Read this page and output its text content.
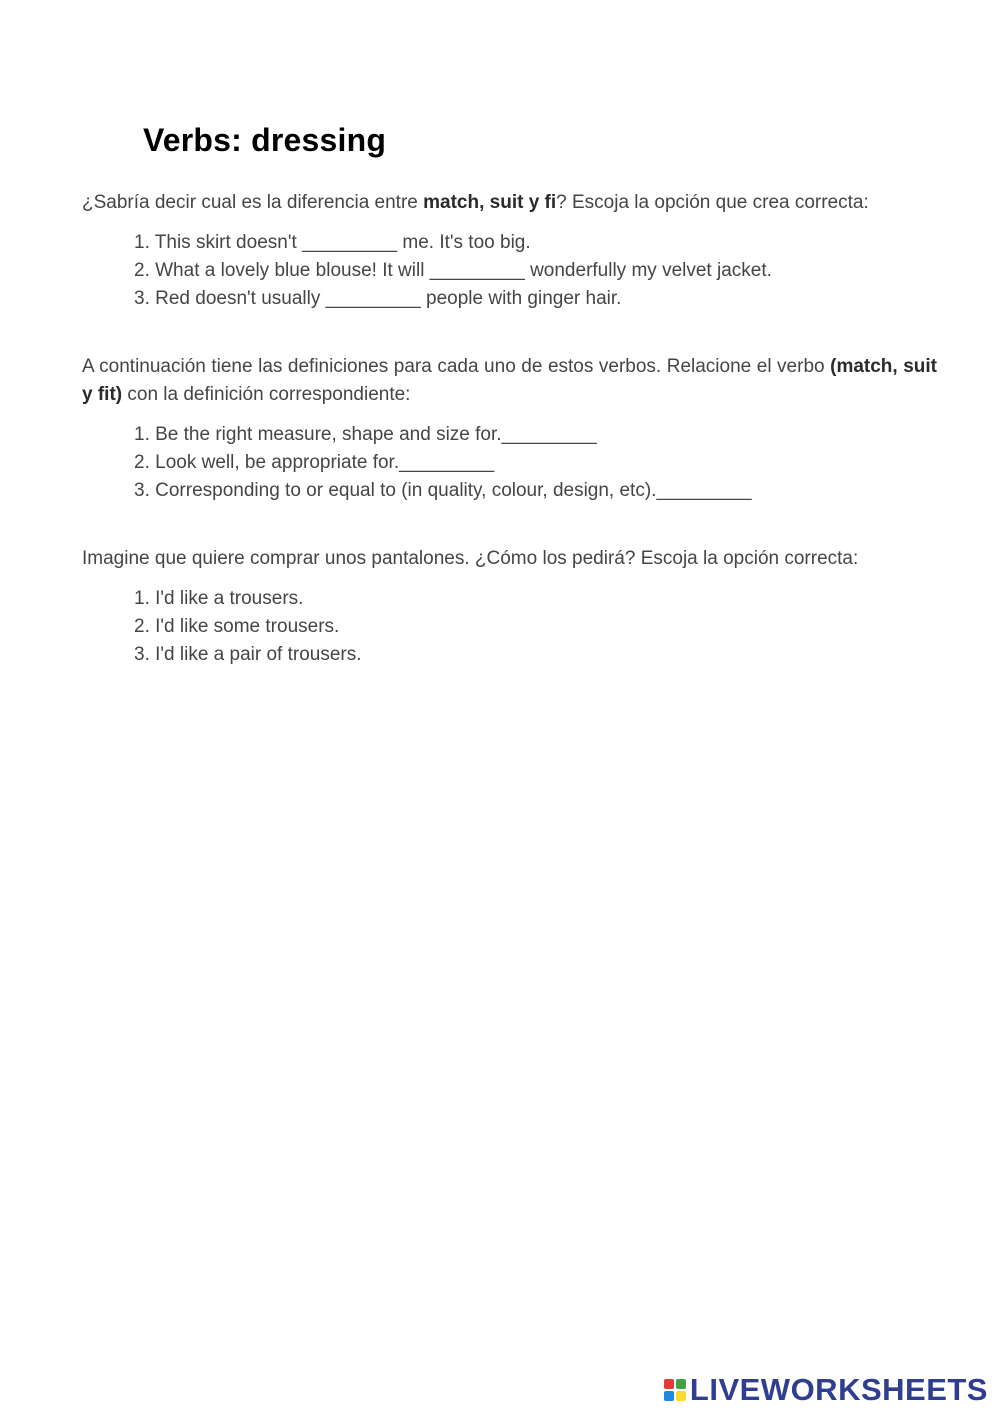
Verbs: dressing
¿Sabría decir cual es la diferencia entre match, suit y fi? Escoja la opción que crea correcta:
1. This skirt doesn't _________ me. It's too big.
2. What a lovely blue blouse! It will _________ wonderfully my velvet jacket.
3. Red doesn't usually _________ people with ginger hair.
A continuación tiene las definiciones para cada uno de estos verbos. Relacione el verbo (match, suit y fit) con la definición correspondiente:
1. Be the right measure, shape and size for._________
2. Look well, be appropriate for._________
3. Corresponding to or equal to (in quality, colour, design, etc)._________
Imagine que quiere comprar unos pantalones. ¿Cómo los pedirá? Escoja la opción correcta:
1. I'd like a trousers.
2. I'd like some trousers.
3. I'd like a pair of trousers.
LIVEWORKSHEETS
